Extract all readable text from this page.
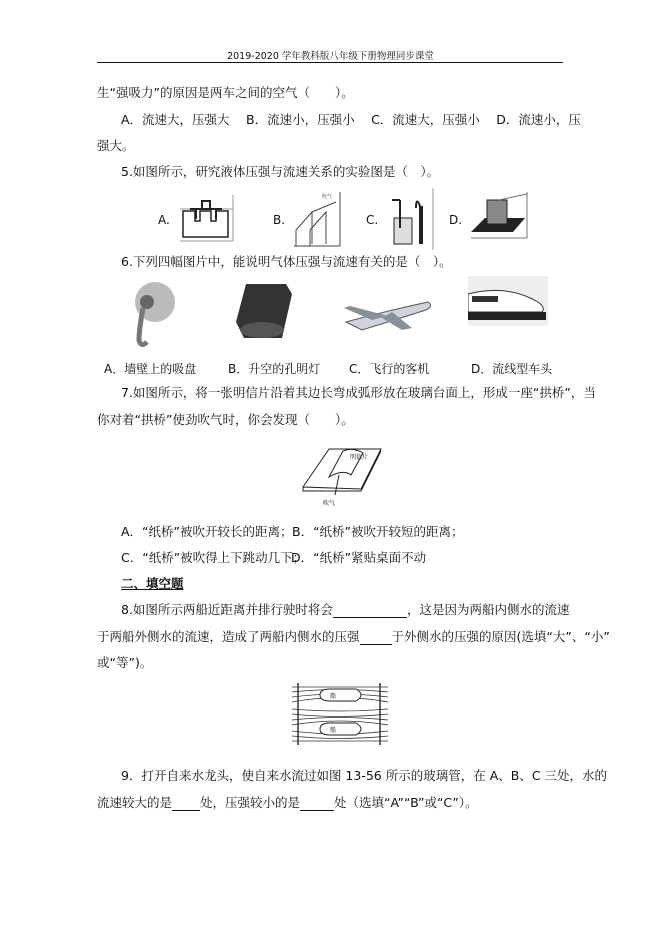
2019-2020 学年教科版八年级下册物理同步课堂
生“强吸力”的原因是两车之间的空气（　　）。
A．流速大，压强大　 B．流速小，压强小　 C．流速大，压强小　 D．流速小，压
强大。
5.如图所示，研究液体压强与流速关系的实验图是（　）。
A.	B.
吹气
C.	D.
6.下列四幅图片中，能说明气体压强与流速有关的是（　）。
A．墙壁上的吸盘	B．升空的孔明灯 C．飞行的客机	D．流线型车头
7.如图所示，将一张明信片沿着其边长弯成弧形放在玻璃台面上，形成一座“拱桥”，当
你对着“拱桥”使劲吹气时，你会发现（　　）。
明信片
吹气
A．“纸桥”被吹开较长的距离； B．“纸桥”被吹开较短的距离；
C．“纸桥”被吹得上下跳动几下；
D．“纸桥”紧贴桌面不动
二、填空题
8.如图所示两船近距离并排行驶时将会	，这是因为两船内侧水的流速
于两船外侧水的流速，造成了两船内侧水的压强	于外侧水的压强的原因(选填“大”、“小”
或“等”)。
船
船
9．打开自来水龙头，使自来水流过如图 13-56 所示的玻璃管，在 A、B、C 三处，水的
流速较大的是 处，压强较小的是	处（选填“A”“B”或“C”）。
